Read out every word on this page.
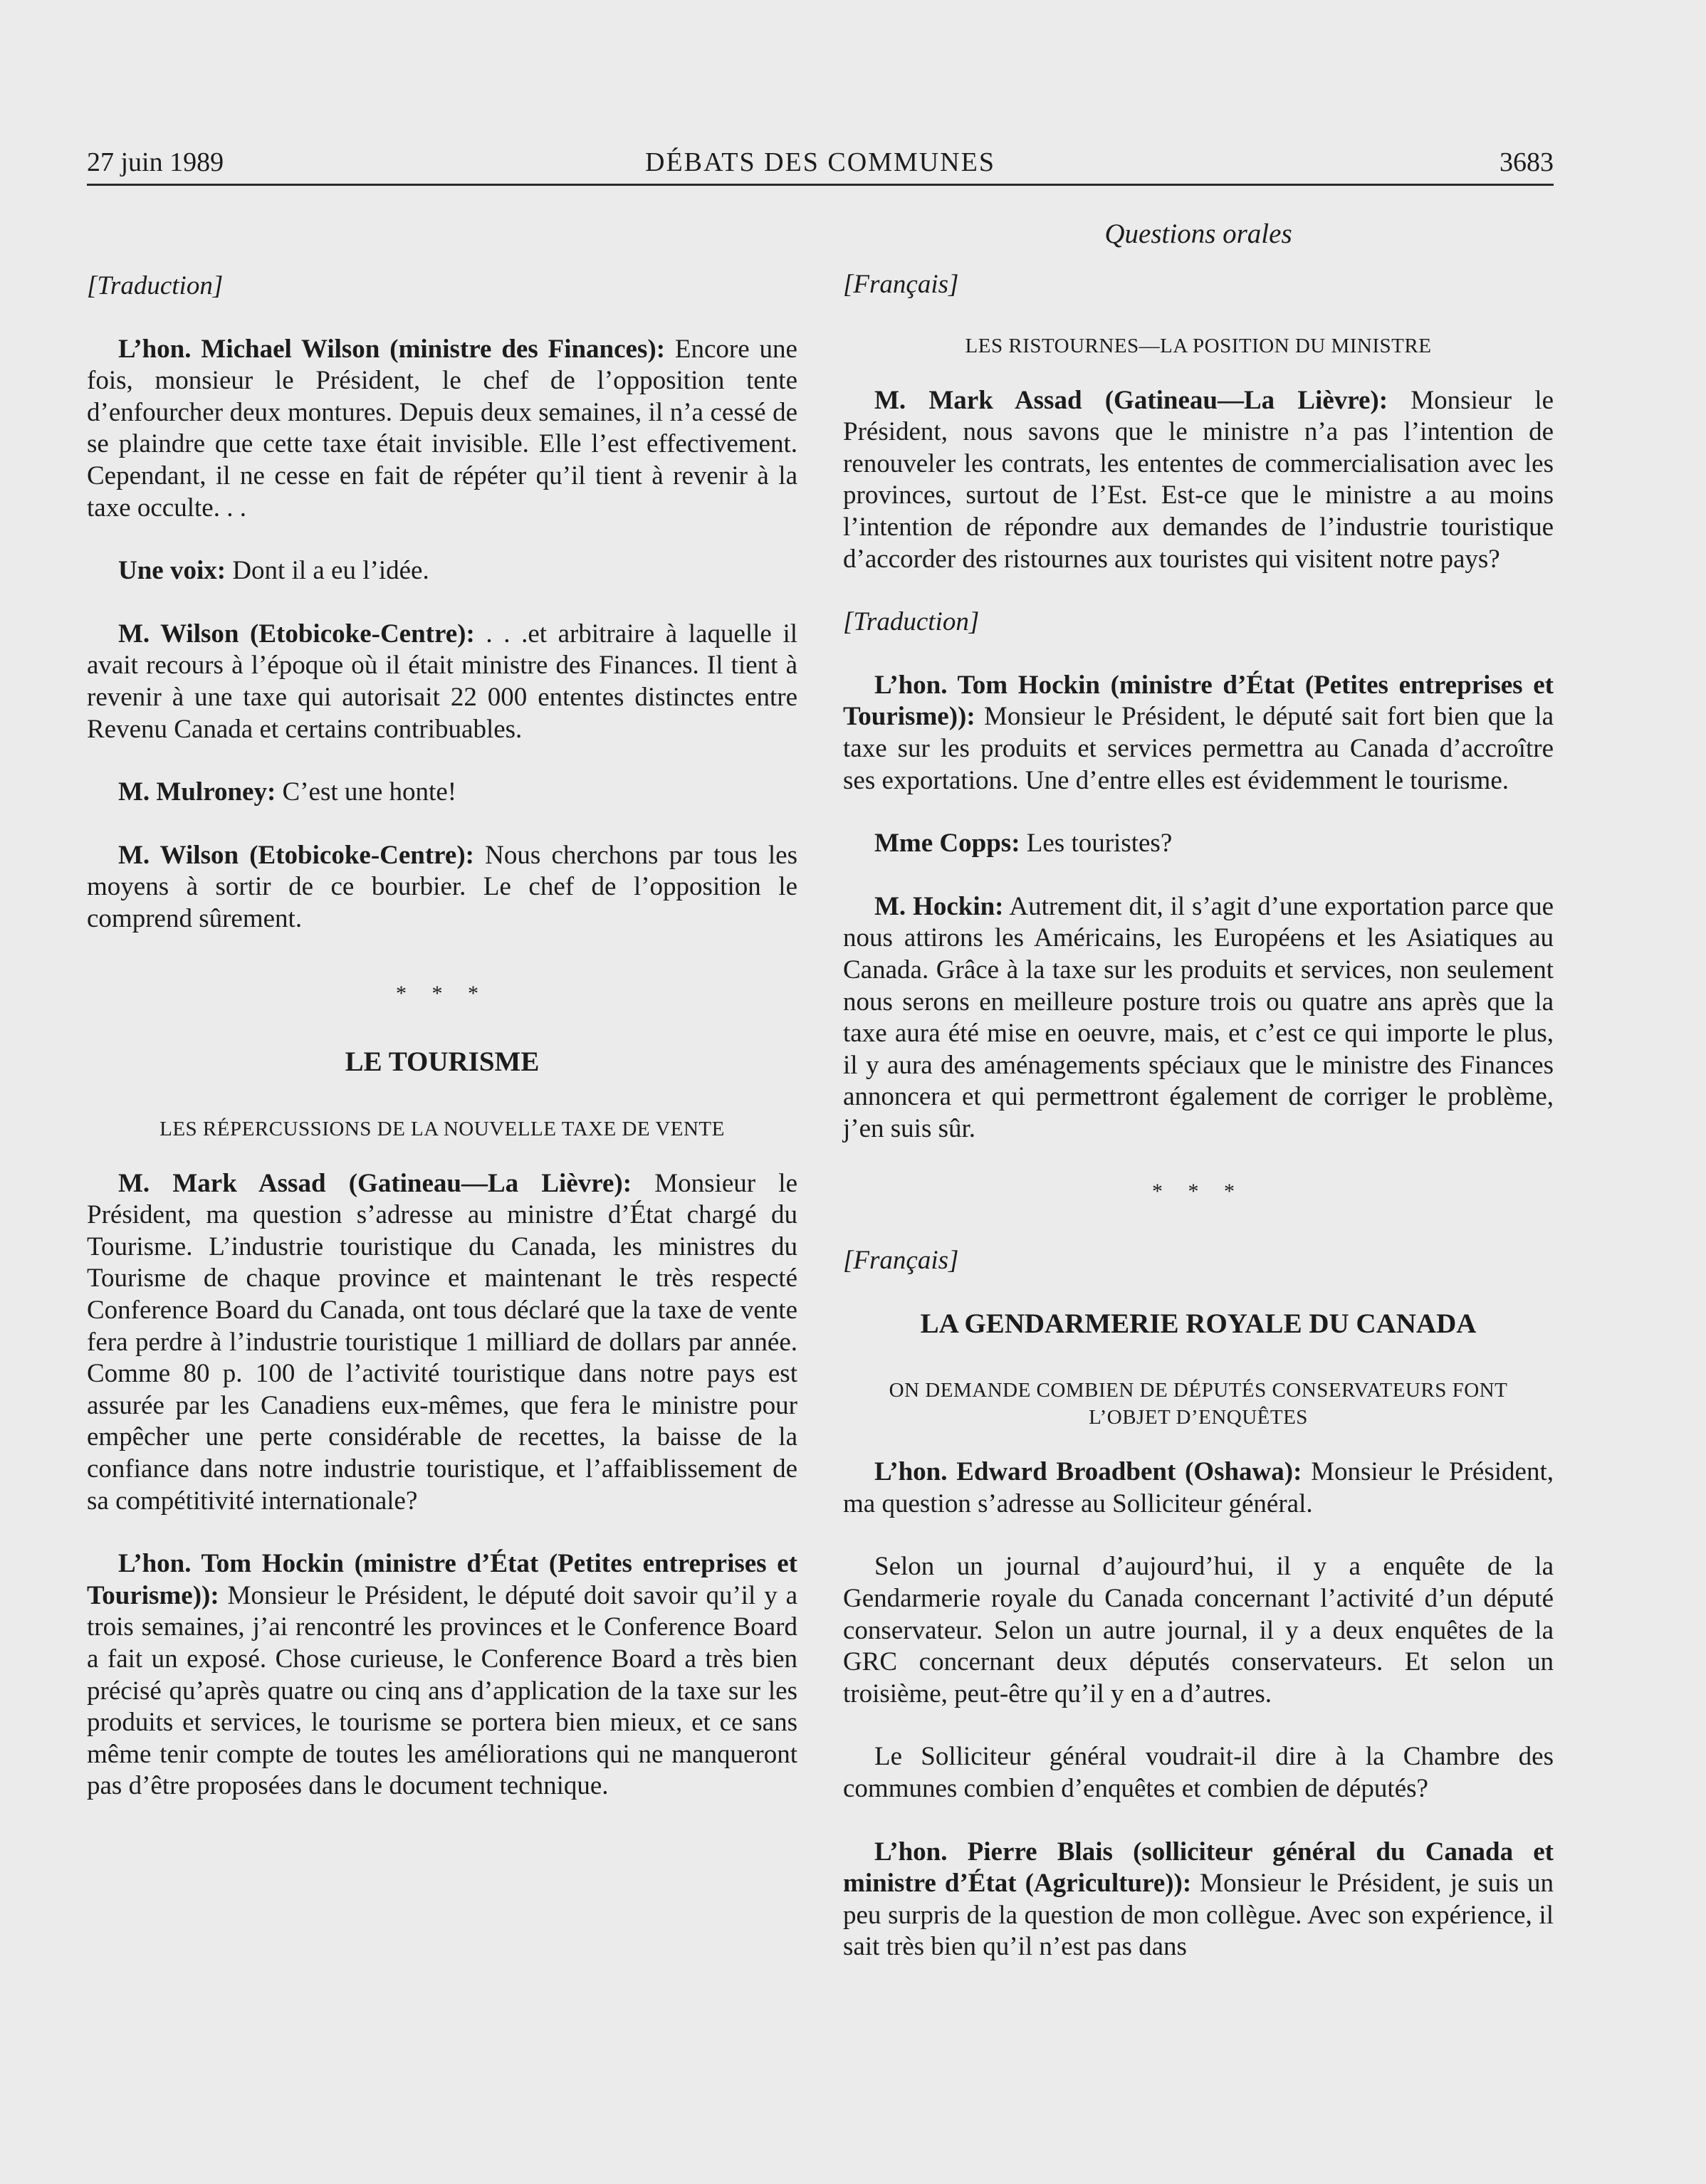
27 juin 1989	DÉBATS DES COMMUNES	3683
Questions orales

[Traduction]

L’hon. Michael Wilson (ministre des Finances): Encore une fois, monsieur le Président, le chef de l’opposition tente d’enfourcher deux montures. Depuis deux semaines, il n’a cessé de se plaindre que cette taxe était invisible. Elle l’est effectivement. Cependant, il ne cesse en fait de répéter qu’il tient à revenir à la taxe occulte. . .

Une voix: Dont il a eu l’idée.

M. Wilson (Etobicoke-Centre): . . .et arbitraire à laquelle il avait recours à l’époque où il était ministre des Finances. Il tient à revenir à une taxe qui autorisait 22 000 ententes distinctes entre Revenu Canada et certains contribuables.

M. Mulroney: C’est une honte!

M. Wilson (Etobicoke-Centre): Nous cherchons par tous les moyens à sortir de ce bourbier. Le chef de l’opposition le comprend sûrement.

* * *
LE TOURISME
LES RÉPERCUSSIONS DE LA NOUVELLE TAXE DE VENTE

M. Mark Assad (Gatineau—La Lièvre): Monsieur le Président, ma question s’adresse au ministre d’État chargé du Tourisme. L’industrie touristique du Canada, les ministres du Tourisme de chaque province et maintenant le très respecté Conference Board du Canada, ont tous déclaré que la taxe de vente fera perdre à l’industrie touristique 1 milliard de dollars par année. Comme 80 p. 100 de l’activité touristique dans notre pays est assurée par les Canadiens eux-mêmes, que fera le ministre pour empêcher une perte considérable de recettes, la baisse de la confiance dans notre industrie touristique, et l’affaiblissement de sa compétitivité internationale?

L’hon. Tom Hockin (ministre d’État (Petites entreprises et Tourisme)): Monsieur le Président, le député doit savoir qu’il y a trois semaines, j’ai rencontré les provinces et le Conference Board a fait un exposé. Chose curieuse, le Conference Board a très bien précisé qu’après quatre ou cinq ans d’application de la taxe sur les produits et services, le tourisme se portera bien mieux, et ce sans même tenir compte de toutes les améliorations qui ne manqueront pas d’être proposées dans le document technique.

[Français]

LES RISTOURNES—LA POSITION DU MINISTRE

M. Mark Assad (Gatineau—La Lièvre): Monsieur le Président, nous savons que le ministre n’a pas l’intention de renouveler les contrats, les ententes de commercialisation avec les provinces, surtout de l’Est. Est-ce que le ministre a au moins l’intention de répondre aux demandes de l’industrie touristique d’accorder des ristournes aux touristes qui visitent notre pays?

[Traduction]

L’hon. Tom Hockin (ministre d’État (Petites entreprises et Tourisme)): Monsieur le Président, le député sait fort bien que la taxe sur les produits et services permettra au Canada d’accroître ses exportations. Une d’entre elles est évidemment le tourisme.

Mme Copps: Les touristes?

M. Hockin: Autrement dit, il s’agit d’une exportation parce que nous attirons les Américains, les Européens et les Asiatiques au Canada. Grâce à la taxe sur les produits et services, non seulement nous serons en meilleure posture trois ou quatre ans après que la taxe aura été mise en oeuvre, mais, et c’est ce qui importe le plus, il y aura des aménagements spéciaux que le ministre des Finances annoncera et qui permettront également de corriger le problème, j’en suis sûr.

* * *

[Français]

LA GENDARMERIE ROYALE DU CANADA
ON DEMANDE COMBIEN DE DÉPUTÉS CONSERVATEURS FONT L’OBJET D’ENQUÊTES

L’hon. Edward Broadbent (Oshawa): Monsieur le Président, ma question s’adresse au Solliciteur général.

Selon un journal d’aujourd’hui, il y a enquête de la Gendarmerie royale du Canada concernant l’activité d’un député conservateur. Selon un autre journal, il y a deux enquêtes de la GRC concernant deux députés conservateurs. Et selon un troisième, peut-être qu’il y en a d’autres.

Le Solliciteur général voudrait-il dire à la Chambre des communes combien d’enquêtes et combien de députés?

L’hon. Pierre Blais (solliciteur général du Canada et ministre d’État (Agriculture)): Monsieur le Président, je suis un peu surpris de la question de mon collègue. Avec son expérience, il sait très bien qu’il n’est pas dans
